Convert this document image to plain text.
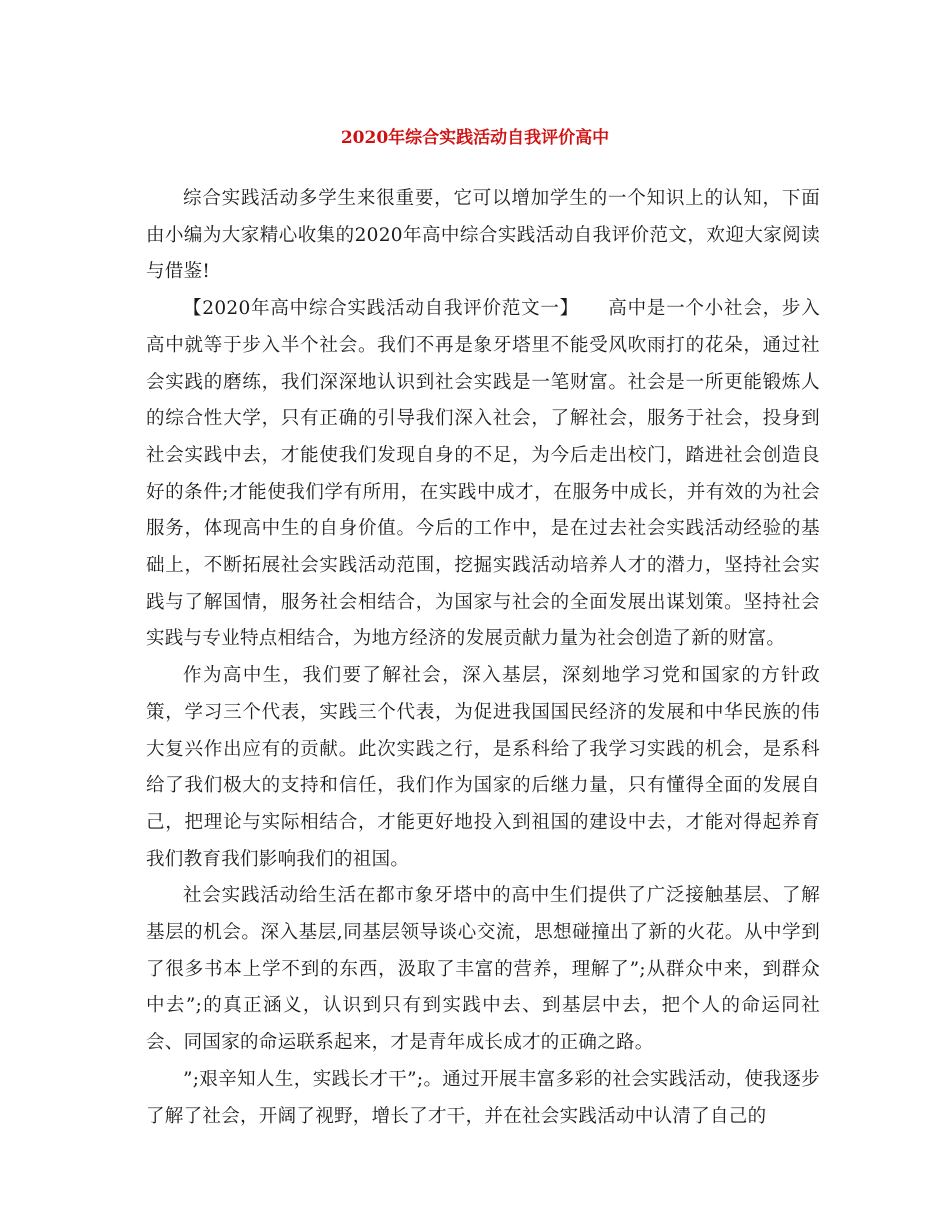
2020年综合实践活动自我评价高中

综合实践活动多学生来很重要，它可以增加学生的一个知识上的认知，下面由小编为大家精心收集的2020年高中综合实践活动自我评价范文，欢迎大家阅读与借鉴!

【2020年高中综合实践活动自我评价范文一】　　高中是一个小社会，步入高中就等于步入半个社会。我们不再是象牙塔里不能受风吹雨打的花朵，通过社会实践的磨练，我们深深地认识到社会实践是一笔财富。社会是一所更能锻炼人的综合性大学，只有正确的引导我们深入社会，了解社会，服务于社会，投身到社会实践中去，才能使我们发现自身的不足，为今后走出校门，踏进社会创造良好的条件;才能使我们学有所用，在实践中成才，在服务中成长，并有效的为社会服务，体现高中生的自身价值。今后的工作中，是在过去社会实践活动经验的基础上，不断拓展社会实践活动范围，挖掘实践活动培养人才的潜力，坚持社会实践与了解国情，服务社会相结合，为国家与社会的全面发展出谋划策。坚持社会实践与专业特点相结合，为地方经济的发展贡献力量为社会创造了新的财富。

作为高中生，我们要了解社会，深入基层，深刻地学习党和国家的方针政策，学习三个代表，实践三个代表，为促进我国国民经济的发展和中华民族的伟大复兴作出应有的贡献。此次实践之行，是系科给了我学习实践的机会，是系科给了我们极大的支持和信任，我们作为国家的后继力量，只有懂得全面的发展自己，把理论与实际相结合，才能更好地投入到祖国的建设中去，才能对得起养育我们教育我们影响我们的祖国。

社会实践活动给生活在都市象牙塔中的高中生们提供了广泛接触基层、了解基层的机会。深入基层,同基层领导谈心交流，思想碰撞出了新的火花。从中学到了很多书本上学不到的东西，汲取了丰富的营养，理解了”;从群众中来，到群众中去”;的真正涵义，认识到只有到实践中去、到基层中去，把个人的命运同社会、同国家的命运联系起来，才是青年成长成才的正确之路。

”;艰辛知人生，实践长才干”;。通过开展丰富多彩的社会实践活动，使我逐步了解了社会，开阔了视野，增长了才干，并在社会实践活动中认清了自己的
